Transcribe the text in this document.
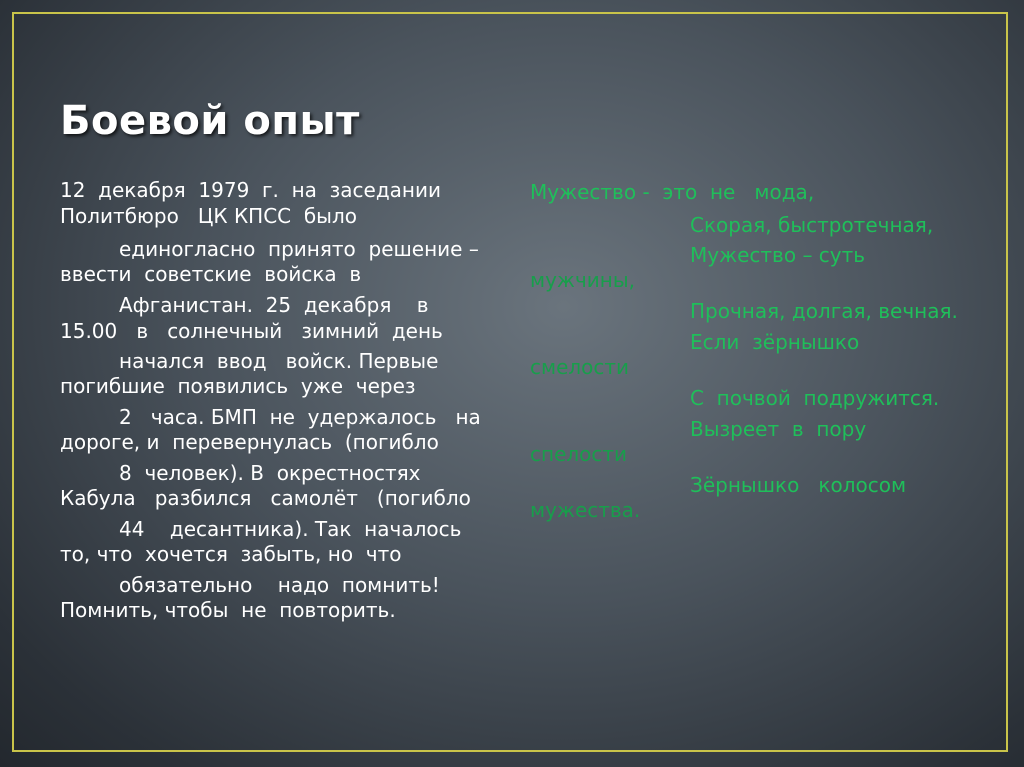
Боевой опыт
12  декабря  1979  г.  на  заседании
Политбюро   ЦК КПСС  было
единогласно  принято  решение –
ввести  советские  войска  в
Афганистан.  25  декабря    в
15.00   в   солнечный   зимний  день
начался  ввод   войск. Первые
погибшие  появились  уже  через
2   часа. БМП  не  удержалось   на
дороге, и  перевернулась  (погибло
8  человек). В  окрестностях
Кабула   разбился   самолёт   (погибло
44    десантника). Так  началось
то, что  хочется  забыть, но  что
обязательно    надо  помнить!
Помнить, чтобы  не  повторить.
Мужество -  это  не   мода,
Скорая, быстротечная,
Мужество – суть
мужчины,
Прочная, долгая, вечная.
Если  зёрнышко
смелости
С  почвой  подружится.
Вызреет  в  пору
спелости
Зёрнышко   колосом
мужества.
